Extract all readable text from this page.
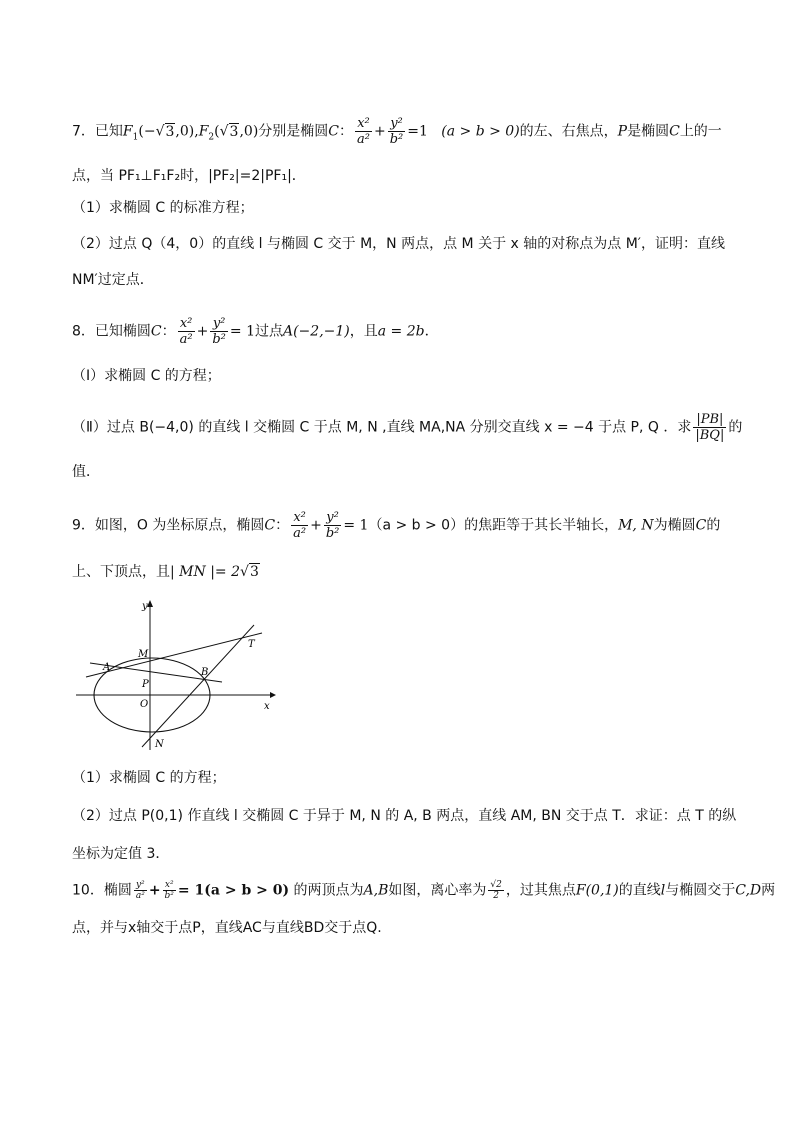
7．已知$F_1(-√3,0),F_2(√3,0)$分别是椭圆C： $\frac{\text{x²}}{\text{a²}} + \frac{\text{y²}}{\text{b²}} =1$ (a > b > 0)的左、右焦点，P是椭圆C上的一
点，当 PF₁⊥F₁F₂时，|PF₂|=2|PF₁|．
（1）求椭圆 C 的标准方程；
（2）过点 Q（4，0）的直线 l 与椭圆 C 交于 M，N 两点，点 M 关于 x 轴的对称点为点 M′，证明：直线
NM′过定点．
8．已知椭圆C： $\frac{\text{x²}}{\text{a²}} + \frac{\text{y²}}{\text{b²}} = 1$过点A(−2,−1)，且a = 2b．
（Ⅰ）求椭圆 C 的方程；
（Ⅱ）过点 B(−4,0) 的直线 l 交椭圆 C 于点 M, N ,直线 MA,NA 分别交直线 x = −4 于点 P, Q ．求 $\frac{|PB|}{|BQ|}$ 的
值．
9．如图，O 为坐标原点，椭圆C： $\frac{\text{x²}}{\text{a²}} + \frac{\text{y²}}{\text{b²}} = 1(a > b > 0)$的焦距等于其长半轴长，M, N为椭圆C的
上、下顶点，且| MN |= 2√3
y
x
M
A
P
B
O
N
T
（1）求椭圆 C 的方程；
（2）过点 P(0,1) 作直线 l 交椭圆 C 于异于 M, N 的 A, B 两点，直线 AM, BN 交于点 T．求证：点 T 的纵
坐标为定值 3．
10．椭圆 $\frac{\text{y²}}{\text{a²}} + \frac{\text{x²}}{\text{b²}} = 1(a > b > 0)$ 的两顶点为A,B如图，离心率为 $\frac{√2}{2}$ ，过其焦点F(0,1)的直线l与椭圆交于C,D两
点，并与x轴交于点P，直线AC与直线BD交于点Q.
